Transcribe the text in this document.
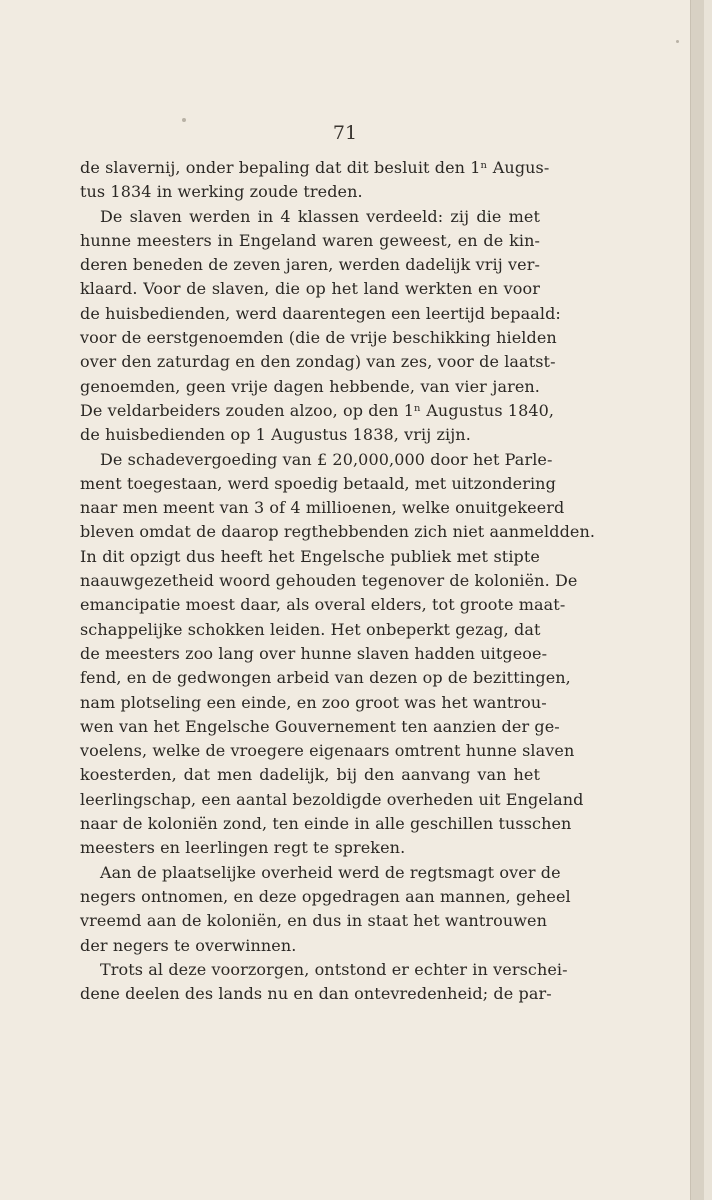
71

de slavernij, onder bepaling dat dit besluit den 1ⁿ Augus-
tus 1834 in werking zoude treden.
De slaven werden in 4 klassen verdeeld: zij die met
hunne meesters in Engeland waren geweest, en de kin-
deren beneden de zeven jaren, werden dadelijk vrij ver-
klaard. Voor de slaven, die op het land werkten en voor
de huisbedienden, werd daarentegen een leertijd bepaald:
voor de eerstgenoemden (die de vrije beschikking hielden
over den zaturdag en den zondag) van zes, voor de laatst-
genoemden, geen vrije dagen hebbende, van vier jaren.
De veldarbeiders zouden alzoo, op den 1ⁿ Augustus 1840,
de huisbedienden op 1 Augustus 1838, vrij zijn.
De schadevergoeding van £ 20,000,000 door het Parle-
ment toegestaan, werd spoedig betaald, met uitzondering
naar men meent van 3 of 4 millioenen, welke onuitgekeerd
bleven omdat de daarop regthebbenden zich niet aanmeldden.
In dit opzigt dus heeft het Engelsche publiek met stipte
naauwgezetheid woord gehouden tegenover de koloniën. De
emancipatie moest daar, als overal elders, tot groote maat-
schappelijke schokken leiden. Het onbeperkt gezag, dat
de meesters zoo lang over hunne slaven hadden uitgeoe-
fend, en de gedwongen arbeid van dezen op de bezittingen,
nam plotseling een einde, en zoo groot was het wantrou-
wen van het Engelsche Gouvernement ten aanzien der ge-
voelens, welke de vroegere eigenaars omtrent hunne slaven
koesterden, dat men dadelijk, bij den aanvang van het
leerlingschap, een aantal bezoldigde overheden uit Engeland
naar de koloniën zond, ten einde in alle geschillen tusschen
meesters en leerlingen regt te spreken.
Aan de plaatselijke overheid werd de regtsmagt over de
negers ontnomen, en deze opgedragen aan mannen, geheel
vreemd aan de koloniën, en dus in staat het wantrouwen
der negers te overwinnen.
Trots al deze voorzorgen, ontstond er echter in verschei-
dene deelen des lands nu en dan ontevredenheid; de par-
